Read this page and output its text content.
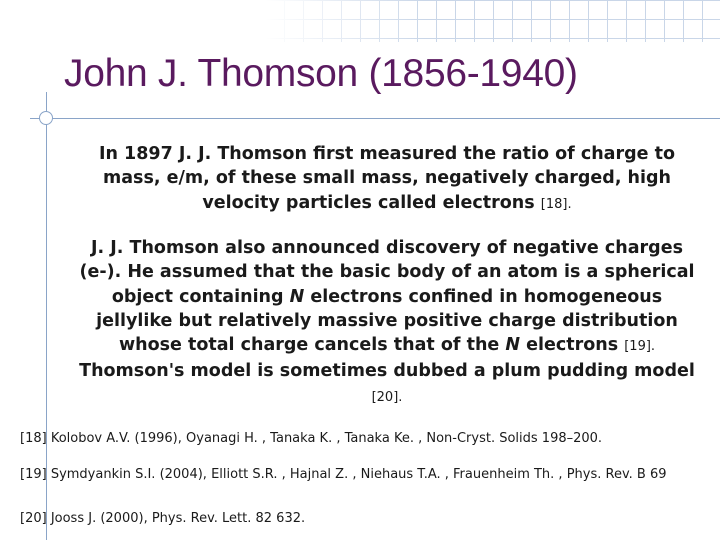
John J. Thomson (1856-1940)

In 1897 J. J. Thomson first measured the ratio of charge to mass, e/m, of these small mass, negatively charged, high velocity particles called electrons [18].

J. J. Thomson also announced discovery of negative charges (e-). He assumed that the basic body of an atom is a spherical object containing N electrons confined in homogeneous jellylike but relatively massive positive charge distribution whose total charge cancels that of the N electrons [19]. Thomson's model is sometimes dubbed a plum pudding model [20].

[18] Kolobov A.V. (1996), Oyanagi H. , Tanaka K. , Tanaka Ke. , Non-Cryst. Solids 198–200.

[19] Symdyankin S.I. (2004), Elliott S.R. , Hajnal Z. , Niehaus T.A. , Frauenheim Th. , Phys. Rev. B 69

[20] Jooss J. (2000), Phys. Rev. Lett. 82 632.
